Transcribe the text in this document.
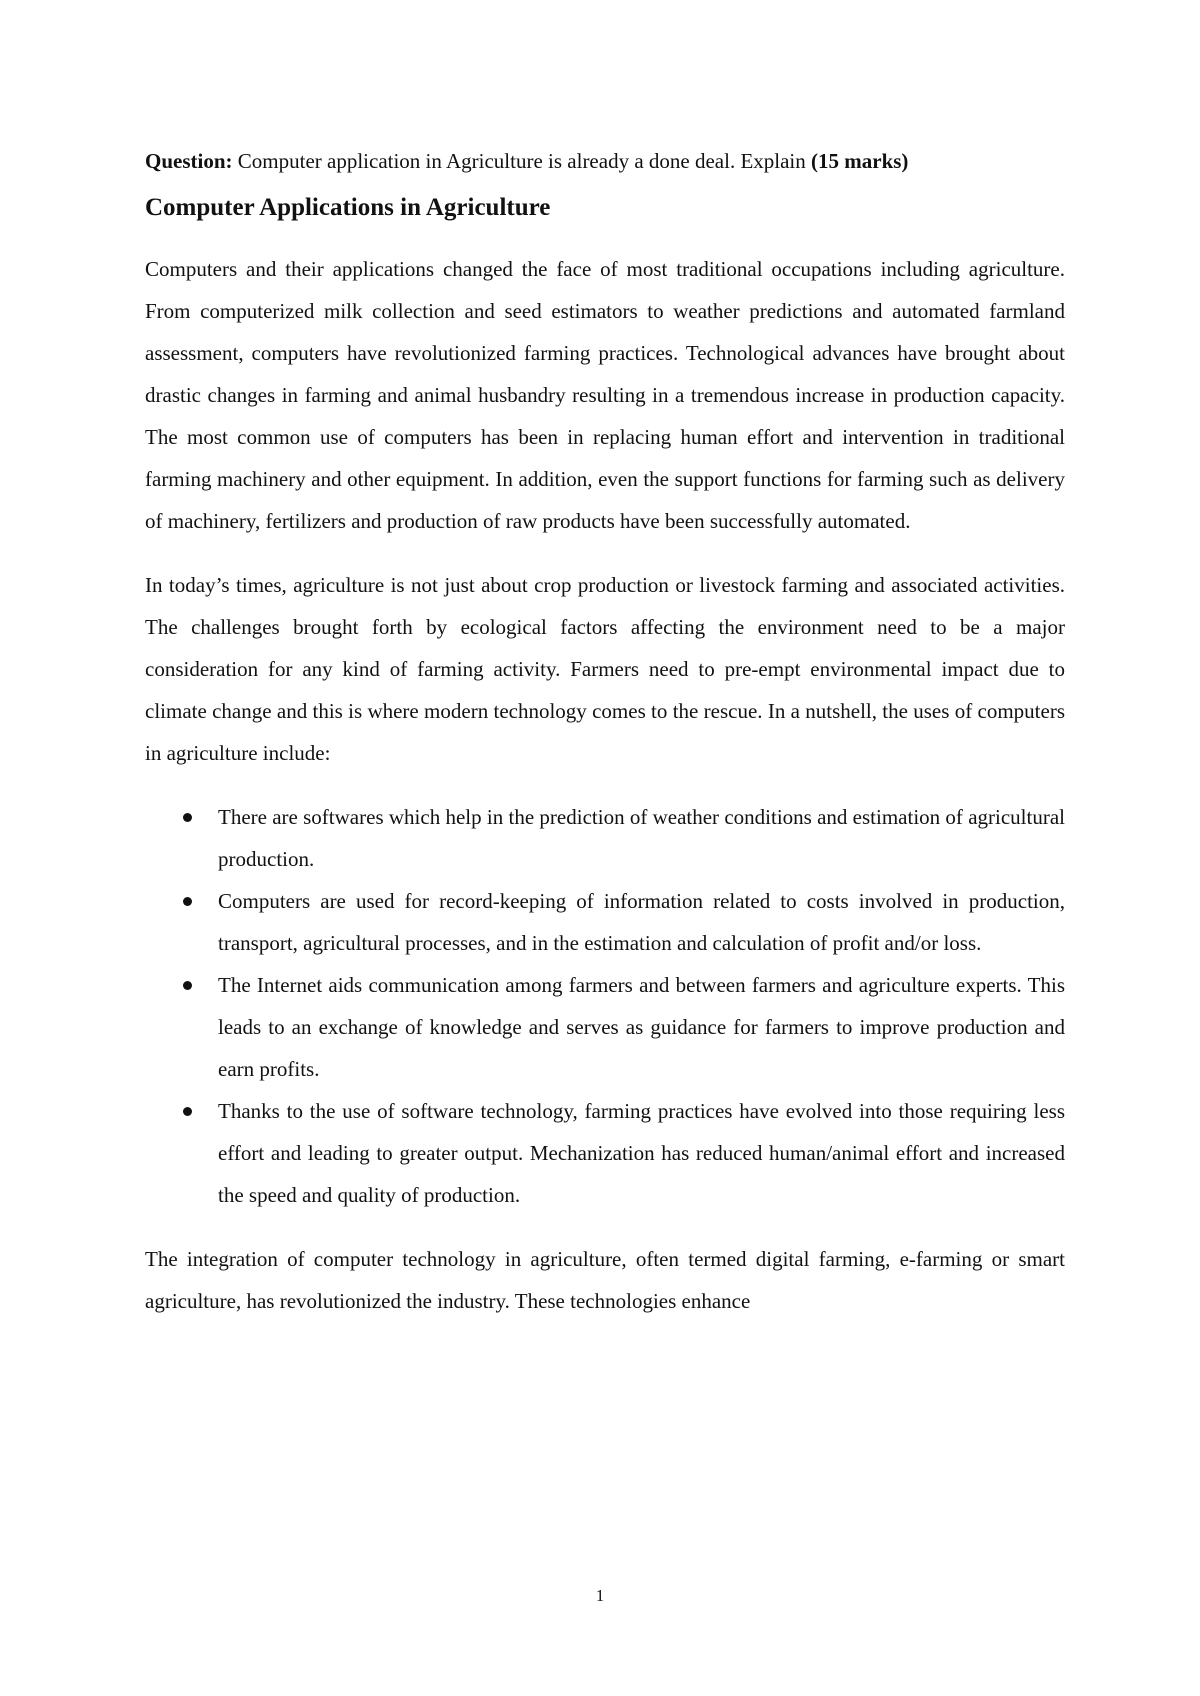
Question: Computer application in Agriculture is already a done deal. Explain (15 marks)

Computer Applications in Agriculture

Computers and their applications changed the face of most traditional occupations including agriculture. From computerized milk collection and seed estimators to weather predictions and automated farmland assessment, computers have revolutionized farming practices. Technological advances have brought about drastic changes in farming and animal husbandry resulting in a tremendous increase in production capacity. The most common use of computers has been in replacing human effort and intervention in traditional farming machinery and other equipment. In addition, even the support functions for farming such as delivery of machinery, fertilizers and production of raw products have been successfully automated.

In today’s times, agriculture is not just about crop production or livestock farming and associated activities. The challenges brought forth by ecological factors affecting the environment need to be a major consideration for any kind of farming activity. Farmers need to pre-empt environmental impact due to climate change and this is where modern technology comes to the rescue. In a nutshell, the uses of computers in agriculture include:

There are softwares which help in the prediction of weather conditions and estimation of agricultural production.
Computers are used for record-keeping of information related to costs involved in production, transport, agricultural processes, and in the estimation and calculation of profit and/or loss.
The Internet aids communication among farmers and between farmers and agriculture experts. This leads to an exchange of knowledge and serves as guidance for farmers to improve production and earn profits.
Thanks to the use of software technology, farming practices have evolved into those requiring less effort and leading to greater output. Mechanization has reduced human/animal effort and increased the speed and quality of production.

The integration of computer technology in agriculture, often termed digital farming, e-farming or smart agriculture, has revolutionized the industry. These technologies enhance

1
